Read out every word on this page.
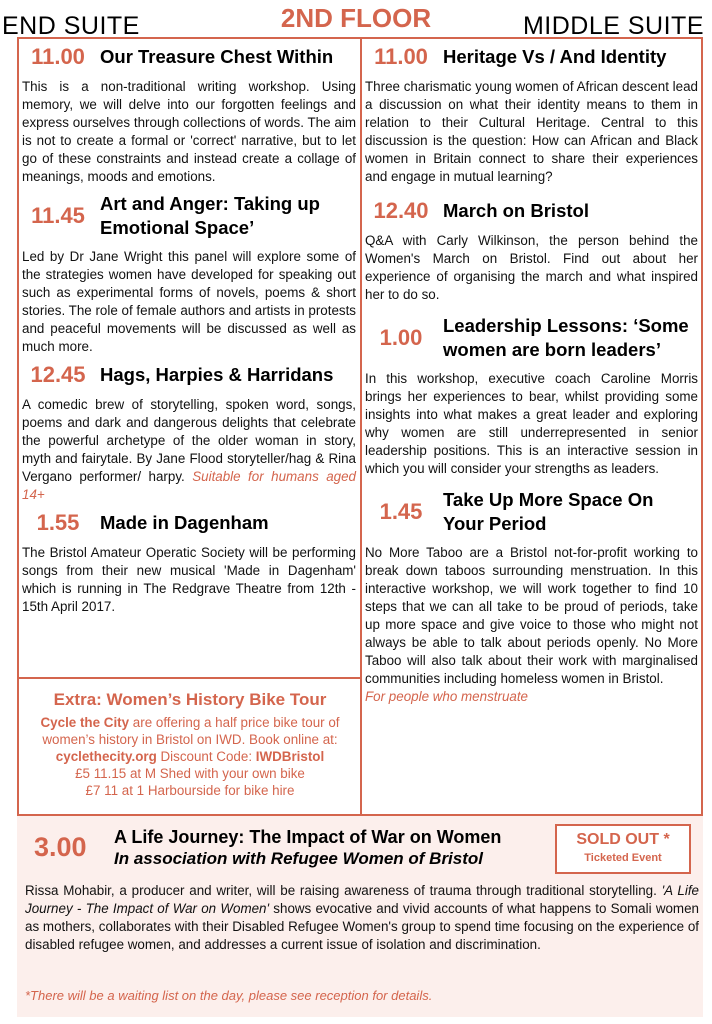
END SUITE	2ND FLOOR	MIDDLE SUITE
11.00 Our Treasure Chest Within
This is a non-traditional writing workshop. Using memory, we will delve into our forgotten feelings and express ourselves through collections of words. The aim is not to create a formal or 'correct' narrative, but to let go of these constraints and instead create a collage of meanings, moods and emotions.
11.45 Art and Anger: Taking up Emotional Space’
Led by Dr Jane Wright this panel will explore some of the strategies women have developed for speaking out such as experimental forms of novels, poems & short stories. The role of female authors and artists in protests and peaceful movements will be discussed as well as much more.
12.45 Hags, Harpies & Harridans
A comedic brew of storytelling, spoken word, songs, poems and dark and dangerous delights that celebrate the powerful archetype of the older woman in story, myth and fairytale. By Jane Flood storyteller/hag & Rina Vergano performer/ harpy. Suitable for humans aged 14+
1.55	Made in Dagenham
The Bristol Amateur Operatic Society will be performing songs from their new musical 'Made in Dagenham' which is running in The Redgrave Theatre from 12th - 15th April 2017.
Extra: Women’s History Bike Tour
Cycle the City are offering a half price bike tour of women’s history in Bristol on IWD. Book online at: cyclethecity.org Discount Code: IWDBristol
£5 11.15 at M Shed with your own bike
£7 11 at 1 Harbourside for bike hire
11.00 Heritage Vs / And Identity
Three charismatic young women of African descent lead a discussion on what their identity means to them in relation to their Cultural Heritage. Central to this discussion is the question: How can African and Black women in Britain connect to share their experiences and engage in mutual learning?
12.40 March on Bristol
Q&A with Carly Wilkinson, the person behind the Women's March on Bristol. Find out about her experience of organising the march and what inspired her to do so.
1.00	Leadership Lessons: ‘Some women are born leaders’
In this workshop, executive coach Caroline Morris brings her experiences to bear, whilst providing some insights into what makes a great leader and exploring why women are still underrepresented in senior leadership positions. This is an interactive session in which you will consider your strengths as leaders.
1.45	Take Up More Space On Your Period
No More Taboo are a Bristol not-for-profit working to break down taboos surrounding menstruation. In this interactive workshop, we will work together to find 10 steps that we can all take to be proud of periods, take up more space and give voice to those who might not always be able to talk about periods openly. No More Taboo will also talk about their work with marginalised communities including homeless women in Bristol.
For people who menstruate
3.00 A Life Journey: The Impact of War on Women
In association with Refugee Women of Bristol
SOLD OUT *
Ticketed Event
Rissa Mohabir, a producer and writer, will be raising awareness of trauma through traditional storytelling. 'A Life Journey - The Impact of War on Women' shows evocative and vivid accounts of what happens to Somali women as mothers, collaborates with their Disabled Refugee Women's group to spend time focusing on the experience of disabled refugee women, and addresses a current issue of isolation and discrimination.
*There will be a waiting list on the day, please see reception for details.
